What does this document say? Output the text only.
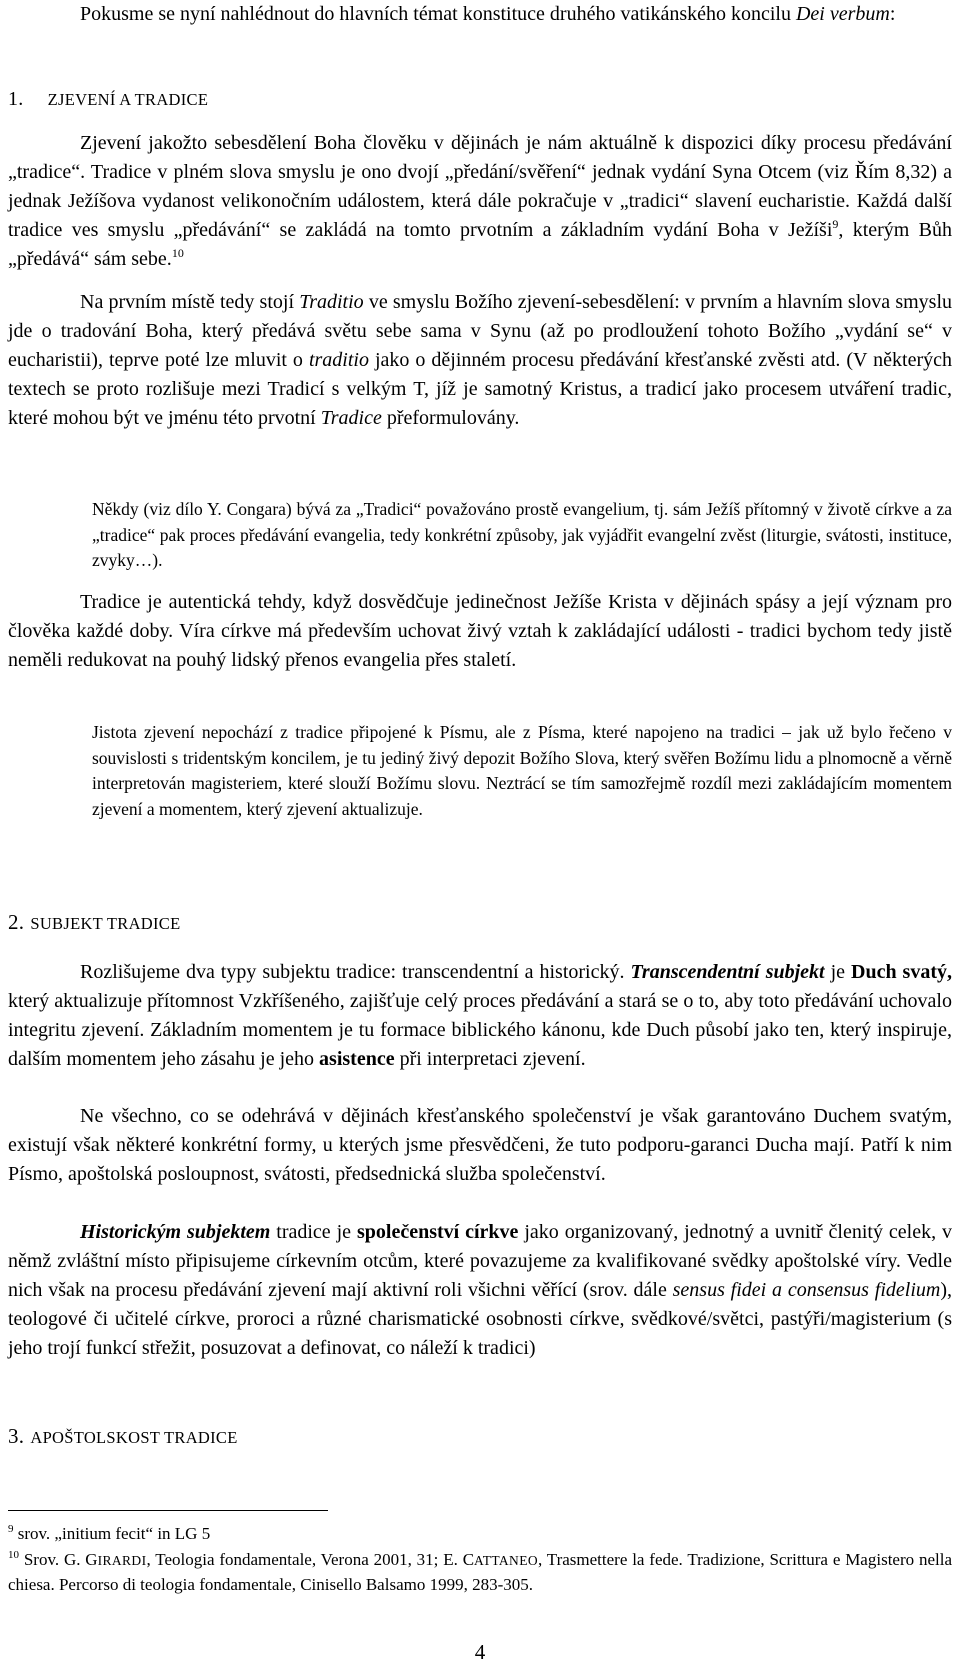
Pokusme se nyní nahlédnout do hlavních témat konstituce druhého vatikánského koncilu Dei verbum:

1. ZJEVENÍ A TRADICE

Zjevení jakožto sebesdělení Boha člověku v dějinách je nám aktuálně k dispozici díky procesu předávání „tradice“. Tradice v plném slova smyslu je ono dvojí „předání/svěření“ jednak vydání Syna Otcem (viz Řím 8,32) a jednak Ježíšova vydanost velikonočním událostem, která dále pokračuje v „tradici“ slavení eucharistie. Každá další tradice ves smyslu „předávání“ se zakládá na tomto prvotním a základním vydání Boha v Ježíši$^9$, kterým Bůh „předává“ sám sebe.$^{10}$

Na prvním místě tedy stojí Traditio ve smyslu Božího zjevení-sebesdělení: v prvním a hlavním slova smyslu jde o tradování Boha, který předává světu sebe sama v Synu (až po prodloužení tohoto Božího „vydání se“ v eucharistii), teprve poté lze mluvit o traditio jako o dějinném procesu předávání křesťanské zvěsti atd. (V některých textech se proto rozlišuje mezi Tradicí s velkým T, jíž je samotný Kristus, a tradicí jako procesem utváření tradic, které mohou být ve jménu této prvotní Tradice přeformulovány.

Někdy (viz dílo Y. Congara) bývá za „Tradici“ považováno prostě evangelium, tj. sám Ježíš přítomný v životě církve a za „tradice“ pak proces předávání evangelia, tedy konkrétní způsoby, jak vyjádřit evangelní zvěst (liturgie, svátosti, instituce, zvyky…).

Tradice je autentická tehdy, když dosvědčuje jedinečnost Ježíše Krista v dějinách spásy a její význam pro člověka každé doby. Víra církve má především uchovat živý vztah k zakládající události - tradici bychom tedy jistě neměli redukovat na pouhý lidský přenos evangelia přes staletí.

Jistota zjevení nepochází z tradice připojené k Písmu, ale z Písma, které napojeno na tradici – jak už bylo řečeno v souvislosti s tridentským koncilem, je tu jediný živý depozit Božího Slova, který svěřen Božímu lidu a plnomocně a věrně interpretován magisteriem, které slouží Božímu slovu. Neztrácí se tím samozřejmě rozdíl mezi zakládajícím momentem zjevení a momentem, který zjevení aktualizuje.

2. SUBJEKT TRADICE

Rozlišujeme dva typy subjektu tradice: transcendentní a historický. Transcendentní subjekt je Duch svatý, který aktualizuje přítomnost Vzkříšeného, zajišťuje celý proces předávání a stará se o to, aby toto předávání uchovalo integritu zjevení. Základním momentem je tu formace biblického kánonu, kde Duch působí jako ten, který inspiruje, dalším momentem jeho zásahu je jeho asistence při interpretaci zjevení.

Ne všechno, co se odehrává v dějinách křesťanského společenství je však garantováno Duchem svatým, existují však některé konkrétní formy, u kterých jsme přesvědčeni, že tuto podporu-garanci Ducha mají. Patří k nim Písmo, apoštolská posloupnost, svátosti, předsednická služba společenství.

Historickým subjektem tradice je společenství církve jako organizovaný, jednotný a uvnitř členitý celek, v němž zvláštní místo připisujeme církevním otcům, které povazujeme za kvalifikované svědky apoštolské víry. Vedle nich však na procesu předávání zjevení mají aktivní roli všichni věřící (srov. dále sensus fidei a consensus fidelium), teologové či učitelé církve, proroci a různé charismatické osobnosti církve, svědkové/světci, pastýři/magisterium (s jeho trojí funkcí střežit, posuzovat a definovat, co náleží k tradici)

3. APOŠTOLSKOST TRADICE

$^9$ srov. „initium fecit“ in LG 5

$^{10}$ Srov. G. GIRARDI, Teologia fondamentale, Verona 2001, 31; E. CATTANEO, Trasmettere la fede. Tradizione, Scrittura e Magistero nella chiesa. Percorso di teologia fondamentale, Cinisello Balsamo 1999, 283-305.

4
